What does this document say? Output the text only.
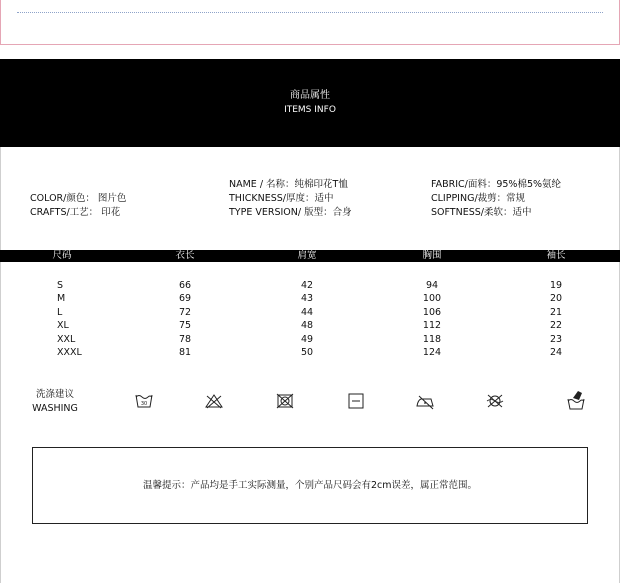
商品属性
ITEMS INFO
COLOR/颜色： 图片色
CRAFTS/工艺： 印花
NAME / 名称：纯棉印花T恤
THICKNESS/厚度：适中
TYPE VERSION/ 版型：合身
FABRIC/面料：95%棉5%氨纶
CLIPPING/裁剪：常规
SOFTNESS/柔软：适中
尺码	衣长	肩宽	胸围	袖长
S	66	42	94	19
M	69	43	100	20
L	72	44	106	21
XL	75	48	112	22
XXL	78	49	118	23
XXXL	81	50	124	24
洗涤建议
WASHING	30
温馨提示：产品均是手工实际测量，个别产品尺码会有2cm误差，属正常范围。
